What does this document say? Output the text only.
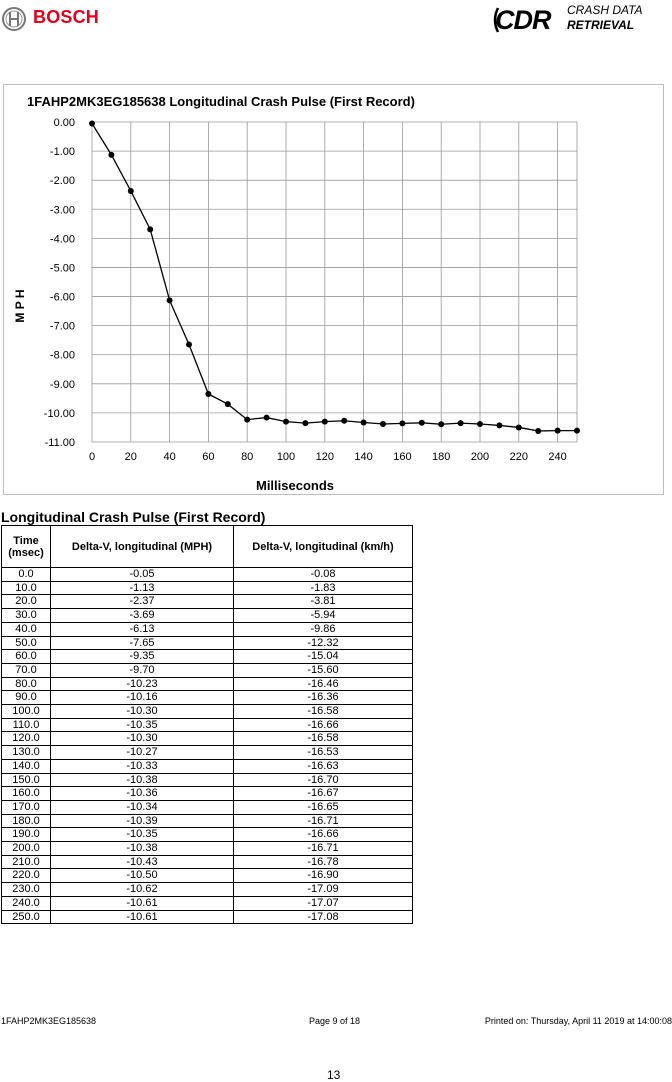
BOSCH	CDR CRASH DATA
RETRIEVAL
1FAHP2MK3EG185638 Longitudinal Crash Pulse (First Record)
0.00
-1.00
-2.00
-3.00
-4.00
-5.00
-6.00
-7.00
-8.00
-9.00
-10.00
-11.00
0	20 40 60 80 100 120 140 160 180 200 220 240
M P H
Milliseconds
Longitudinal Crash Pulse (First Record)
Time (msec)	Delta-V, longitudinal (MPH)	Delta-V, longitudinal (km/h)
0.0	-0.05	-0.08
10.0	-1.13	-1.83
20.0	-2.37	-3.81
30.0	-3.69	-5.94
40.0	-6.13	-9.86
50.0	-7.65	-12.32
60.0	-9.35	-15.04
70.0	-9.70	-15.60
80.0	-10.23	-16.46
90.0	-10.16	-16.36
100.0	-10.30	-16.58
110.0	-10.35	-16.66
120.0	-10.30	-16.58
130.0	-10.27	-16.53
140.0	-10.33	-16.63
150.0	-10.38	-16.70
160.0	-10.36	-16.67
170.0	-10.34	-16.65
180.0	-10.39	-16.71
190.0	-10.35	-16.66
200.0	-10.38	-16.71
210.0	-10.43	-16.78
220.0	-10.50	-16.90
230.0	-10.62	-17.09
240.0	-10.61	-17.07
250.0	-10.61	-17.08
1FAHP2MK3EG185638	Page 9 of 18	Printed on: Thursday, April 11 2019 at 14:00:08
13
